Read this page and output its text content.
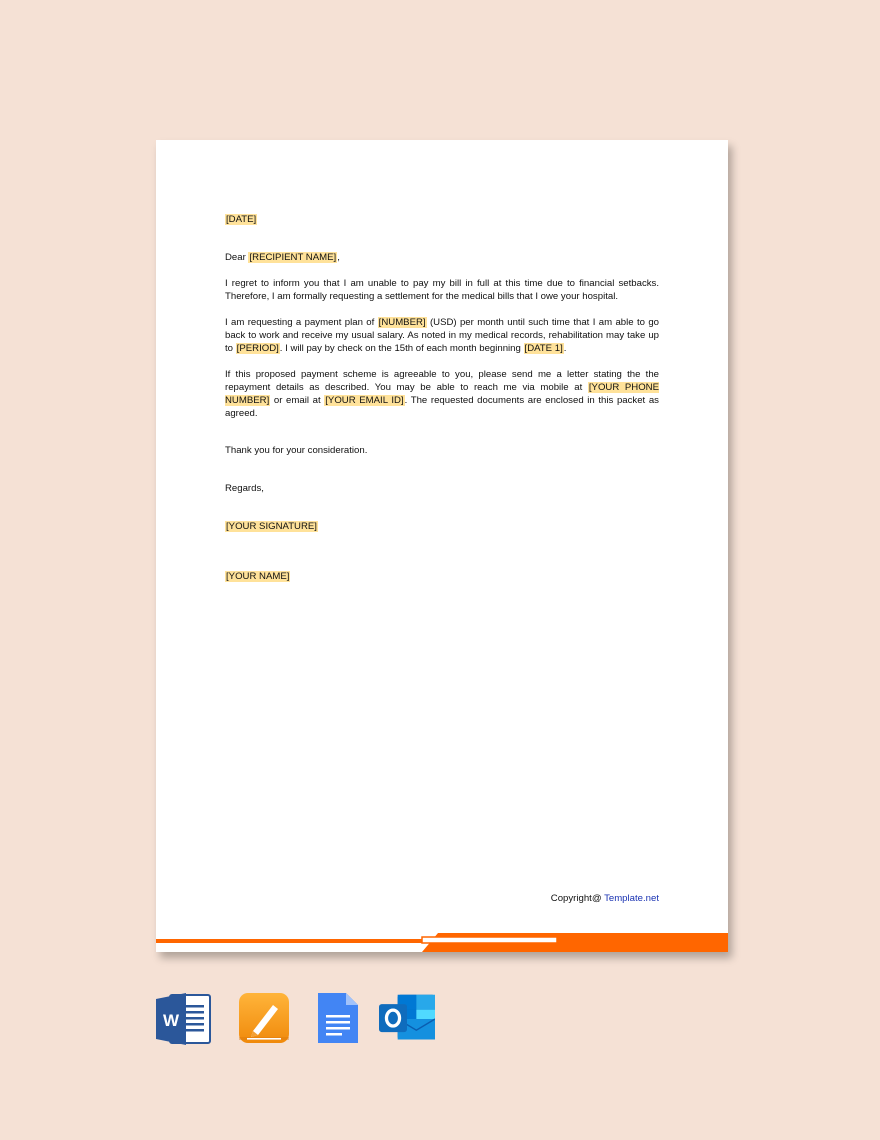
[DATE]

Dear [RECIPIENT NAME],

I regret to inform you that I am unable to pay my bill in full at this time due to financial setbacks. Therefore, I am formally requesting a settlement for the medical bills that I owe your hospital.

I am requesting a payment plan of [NUMBER] (USD) per month until such time that I am able to go back to work and receive my usual salary. As noted in my medical records, rehabilitation may take up to [PERIOD]. I will pay by check on the 15th of each month beginning [DATE 1].

If this proposed payment scheme is agreeable to you, please send me a letter stating the the repayment details as described. You may be able to reach me via mobile at [YOUR PHONE NUMBER] or email at [YOUR EMAIL ID]. The requested documents are enclosed in this packet as agreed.

Thank you for your consideration.

Regards,

[YOUR SIGNATURE]

[YOUR NAME]

Copyright@ Template.net
W
